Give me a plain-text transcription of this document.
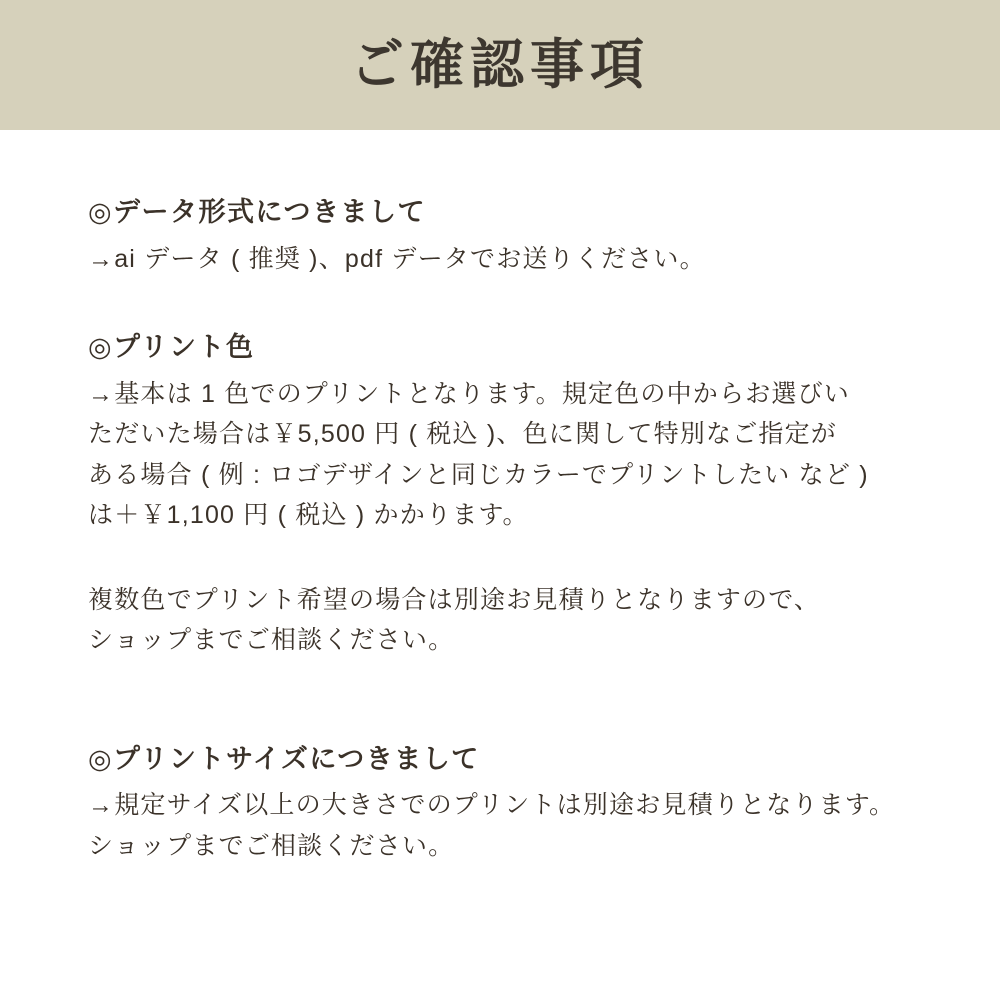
ご確認事項

◎データ形式につきまして

→ai データ ( 推奨 )、pdf データでお送りください。

◎プリント色

→基本は 1 色でのプリントとなります。規定色の中からお選びい

ただいた場合は￥5,500 円 ( 税込 )、色に関して特別なご指定が

ある場合 ( 例 : ロゴデザインと同じカラーでプリントしたい など )

は＋￥1,100 円 ( 税込 ) かかります。

複数色でプリント希望の場合は別途お見積りとなりますので、

ショップまでご相談ください。

◎プリントサイズにつきまして

→規定サイズ以上の大きさでのプリントは別途お見積りとなります。

ショップまでご相談ください。
